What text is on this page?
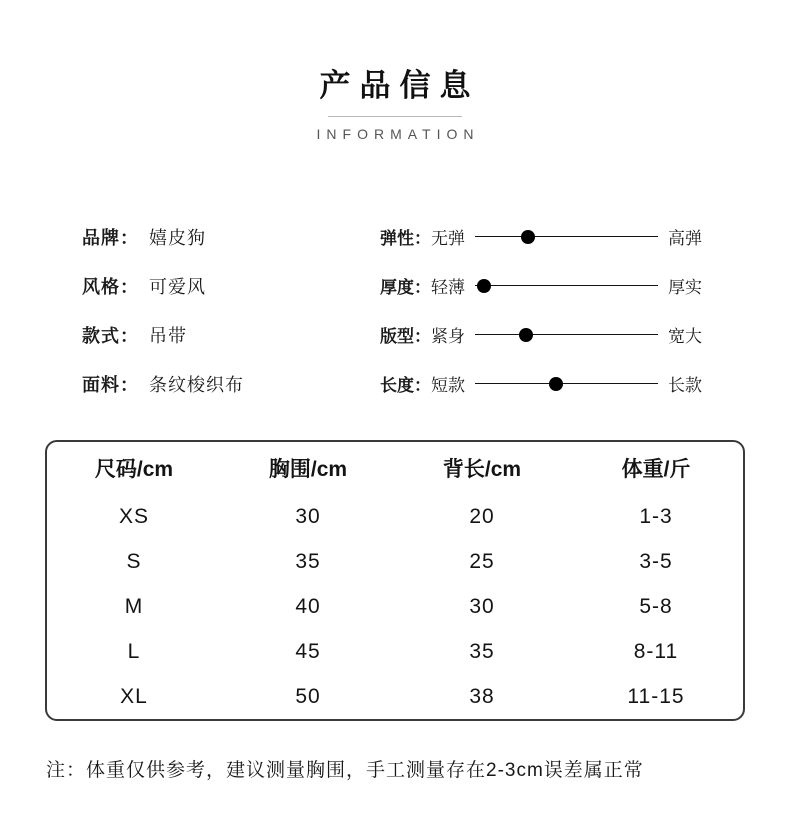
产品信息
INFORMATION
品牌： 嬉皮狗
风格： 可爱风
款式： 吊带
面料： 条纹梭织布
弹性： 无弹	高弹
厚度： 轻薄	厚实
版型： 紧身	宽大
长度： 短款	长款
尺码/cm	胸围/cm	背长/cm	体重/斤
XS	30	20	1-3
S	35	25	3-5
M	40	30	5-8
L	45	35	8-11
XL	50	38	11-15

注：体重仅供参考，建议测量胸围，手工测量存在2-3cm误差属正常
